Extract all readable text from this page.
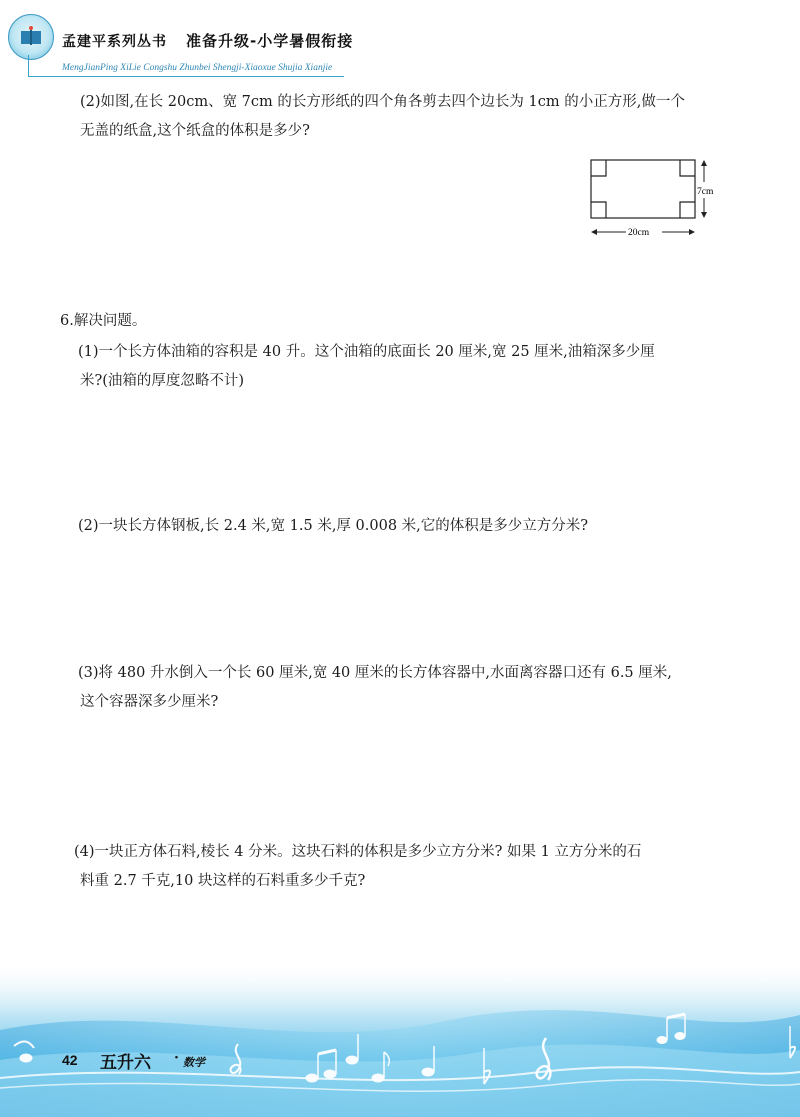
孟建平系列丛书 准备升级-小学暑假衔接
MengJianPing XiLie Congshu Zhunbei Shengji-Xiaoxue Shujia Xianjie
(2)如图,在长 20cm、宽 7cm 的长方形纸的四个角各剪去四个边长为 1cm 的小正方形,做一个
无盖的纸盒,这个纸盒的体积是多少?
7cm
20cm
6.解决问题。
(1)一个长方体油箱的容积是 40 升。这个油箱的底面长 20 厘米,宽 25 厘米,油箱深多少厘
米?(油箱的厚度忽略不计)
(2)一块长方体钢板,长 2.4 米,宽 1.5 米,厚 0.008 米,它的体积是多少立方分米?
(3)将 480 升水倒入一个长 60 厘米,宽 40 厘米的长方体容器中,水面离容器口还有 6.5 厘米,
这个容器深多少厘米?
(4)一块正方体石料,棱长 4 分米。这块石料的体积是多少立方分米? 如果 1 立方分米的石
料重 2.7 千克,10 块这样的石料重多少千克?
42 五升六 · 数学
